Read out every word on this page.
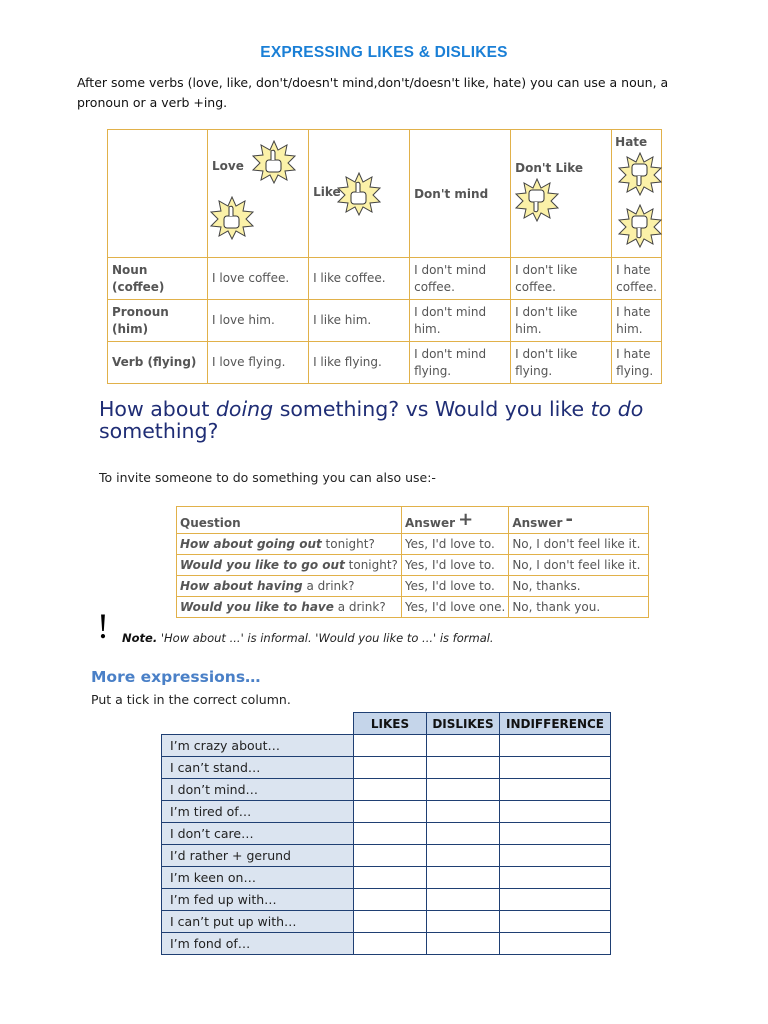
EXPRESSING LIKES & DISLIKES
After some verbs (love, like, don't/doesn't mind,don't/doesn't like, hate) you can use a noun, a pronoun or a verb +ing.

	Love	Like	Don't mind	Don't Like	Hate

Noun (coffee)	I love coffee.	I like coffee.	I don't mind coffee.	I don't like coffee.	I hate coffee.
Pronoun (him)	I love him.	I like him.	I don't mind him.	I don't like him.	I hate him.
Verb (flying)	I love flying.	I like flying.	I don't mind flying.	I don't like flying.	I hate flying.
How about doing something? vs Would you like to do something?
To invite someone to do something you can also use:-
Question	Answer +	Answer -
How about going out tonight?	Yes, I'd love to.	No, I don't feel like it.
Would you like to go out tonight?	Yes, I'd love to.	No, I don't feel like it.
How about having a drink?	Yes, I'd love to.	No, thanks.
Would you like to have a drink?	Yes, I'd love one.	No, thank you.
! Note. 'How about ...' is informal. 'Would you like to ...' is formal.
More expressions…
Put a tick in the correct column.
	LIKES	DISLIKES	INDIFFERENCE
I’m crazy about…			
I can’t stand…			
I don’t mind…			
I’m tired of…			
I don’t care…			
I’d rather + gerund			
I’m keen on…			
I’m fed up with…			
I can’t put up with…			
I’m fond of…			
